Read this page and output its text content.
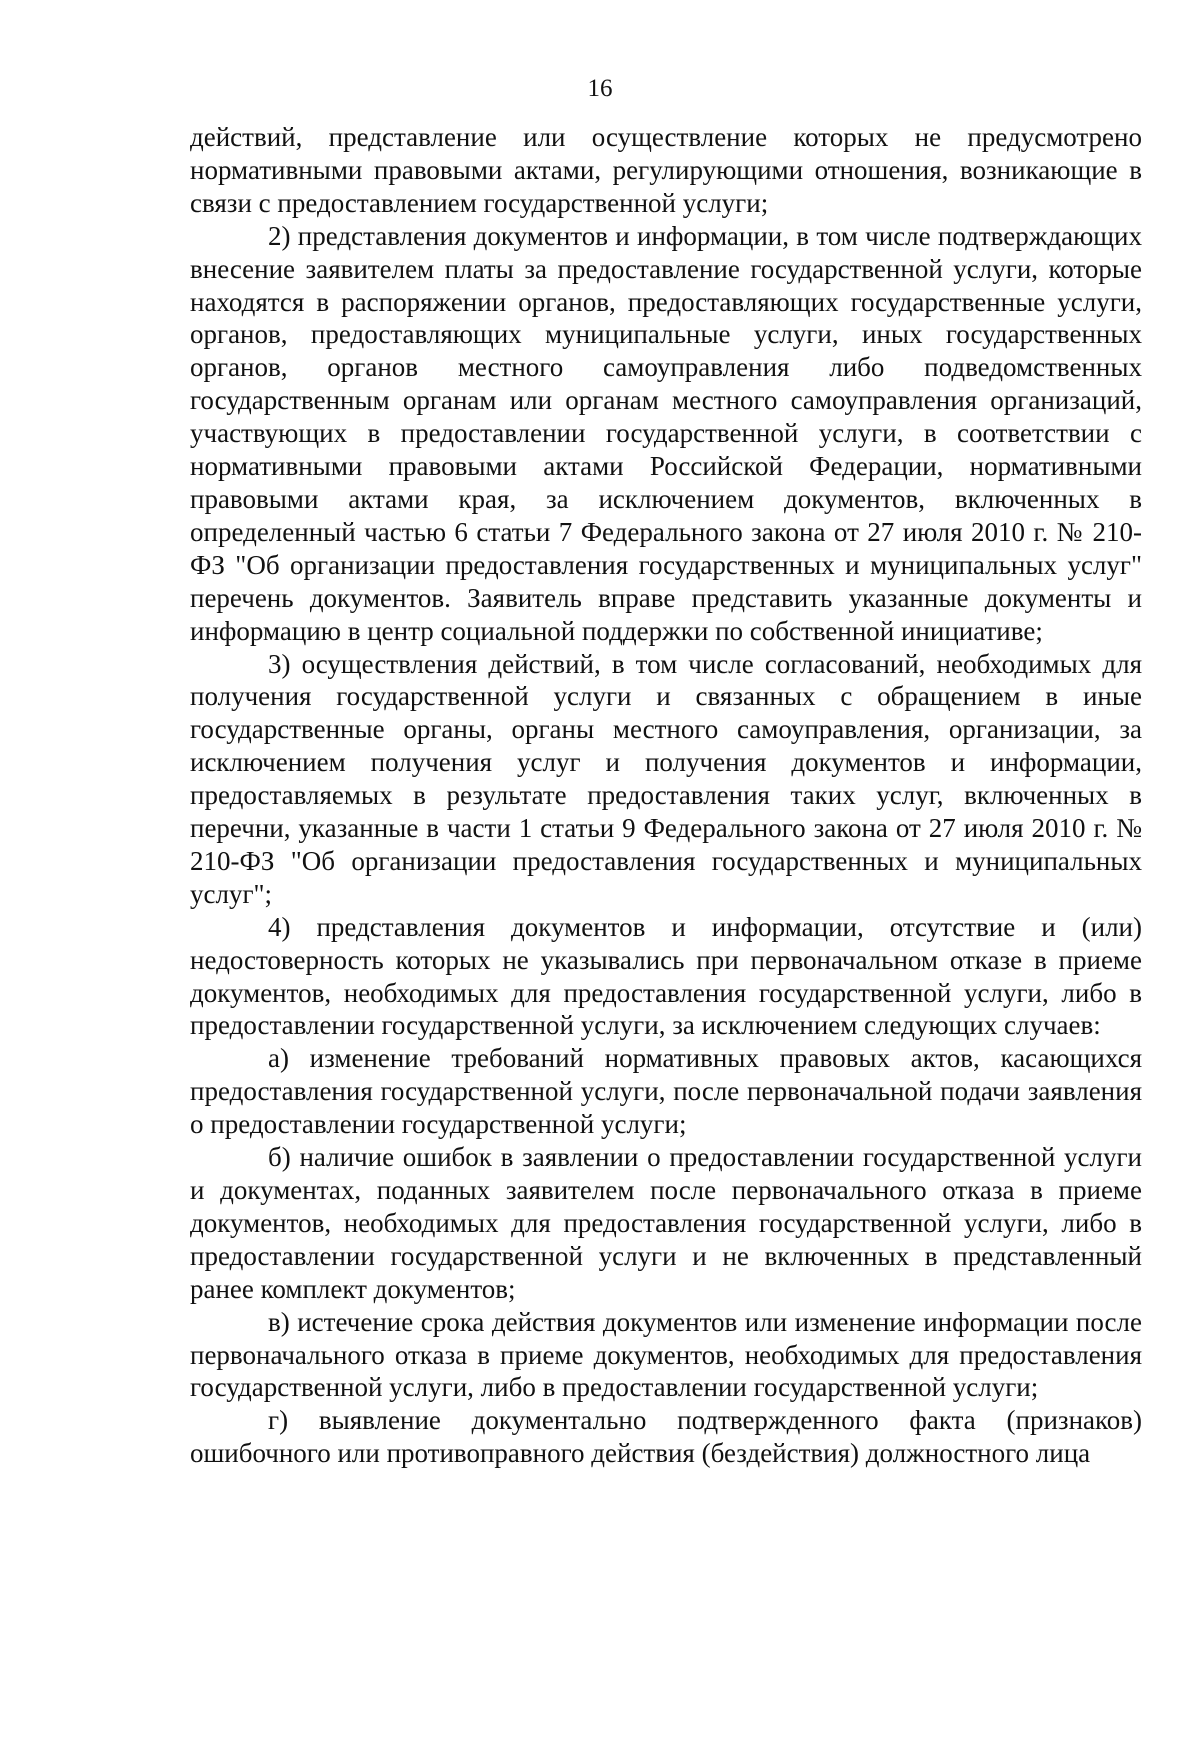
16

действий, представление или осуществление которых не предусмотрено нормативными правовыми актами, регулирующими отношения, возникающие в связи с предоставлением государственной услуги;

2) представления документов и информации, в том числе подтверждающих внесение заявителем платы за предоставление государственной услуги, которые находятся в распоряжении органов, предоставляющих государственные услуги, органов, предоставляющих муниципальные услуги, иных государственных органов, органов местного самоуправления либо подведомственных государственным органам или органам местного самоуправления организаций, участвующих в предоставлении государственной услуги, в соответствии с нормативными правовыми актами Российской Федерации, нормативными правовыми актами края, за исключением документов, включенных в определенный частью 6 статьи 7 Федерального закона от 27 июля 2010 г. № 210-ФЗ "Об организации предоставления государственных и муниципальных услуг" перечень документов. Заявитель вправе представить указанные документы и информацию в центр социальной поддержки по собственной инициативе;

3) осуществления действий, в том числе согласований, необходимых для получения государственной услуги и связанных с обращением в иные государственные органы, органы местного самоуправления, организации, за исключением получения услуг и получения документов и информации, предоставляемых в результате предоставления таких услуг, включенных в перечни, указанные в части 1 статьи 9 Федерального закона от 27 июля 2010 г. № 210-ФЗ "Об организации предоставления государственных и муниципальных услуг";

4) представления документов и информации, отсутствие и (или) недостоверность которых не указывались при первоначальном отказе в приеме документов, необходимых для предоставления государственной услуги, либо в предоставлении государственной услуги, за исключением следующих случаев:

а) изменение требований нормативных правовых актов, касающихся предоставления государственной услуги, после первоначальной подачи заявления о предоставлении государственной услуги;

б) наличие ошибок в заявлении о предоставлении государственной услуги и документах, поданных заявителем после первоначального отказа в приеме документов, необходимых для предоставления государственной услуги, либо в предоставлении государственной услуги и не включенных в представленный ранее комплект документов;

в) истечение срока действия документов или изменение информации после первоначального отказа в приеме документов, необходимых для предоставления государственной услуги, либо в предоставлении государственной услуги;

г) выявление документально подтвержденного факта (признаков) ошибочного или противоправного действия (бездействия) должностного лица
